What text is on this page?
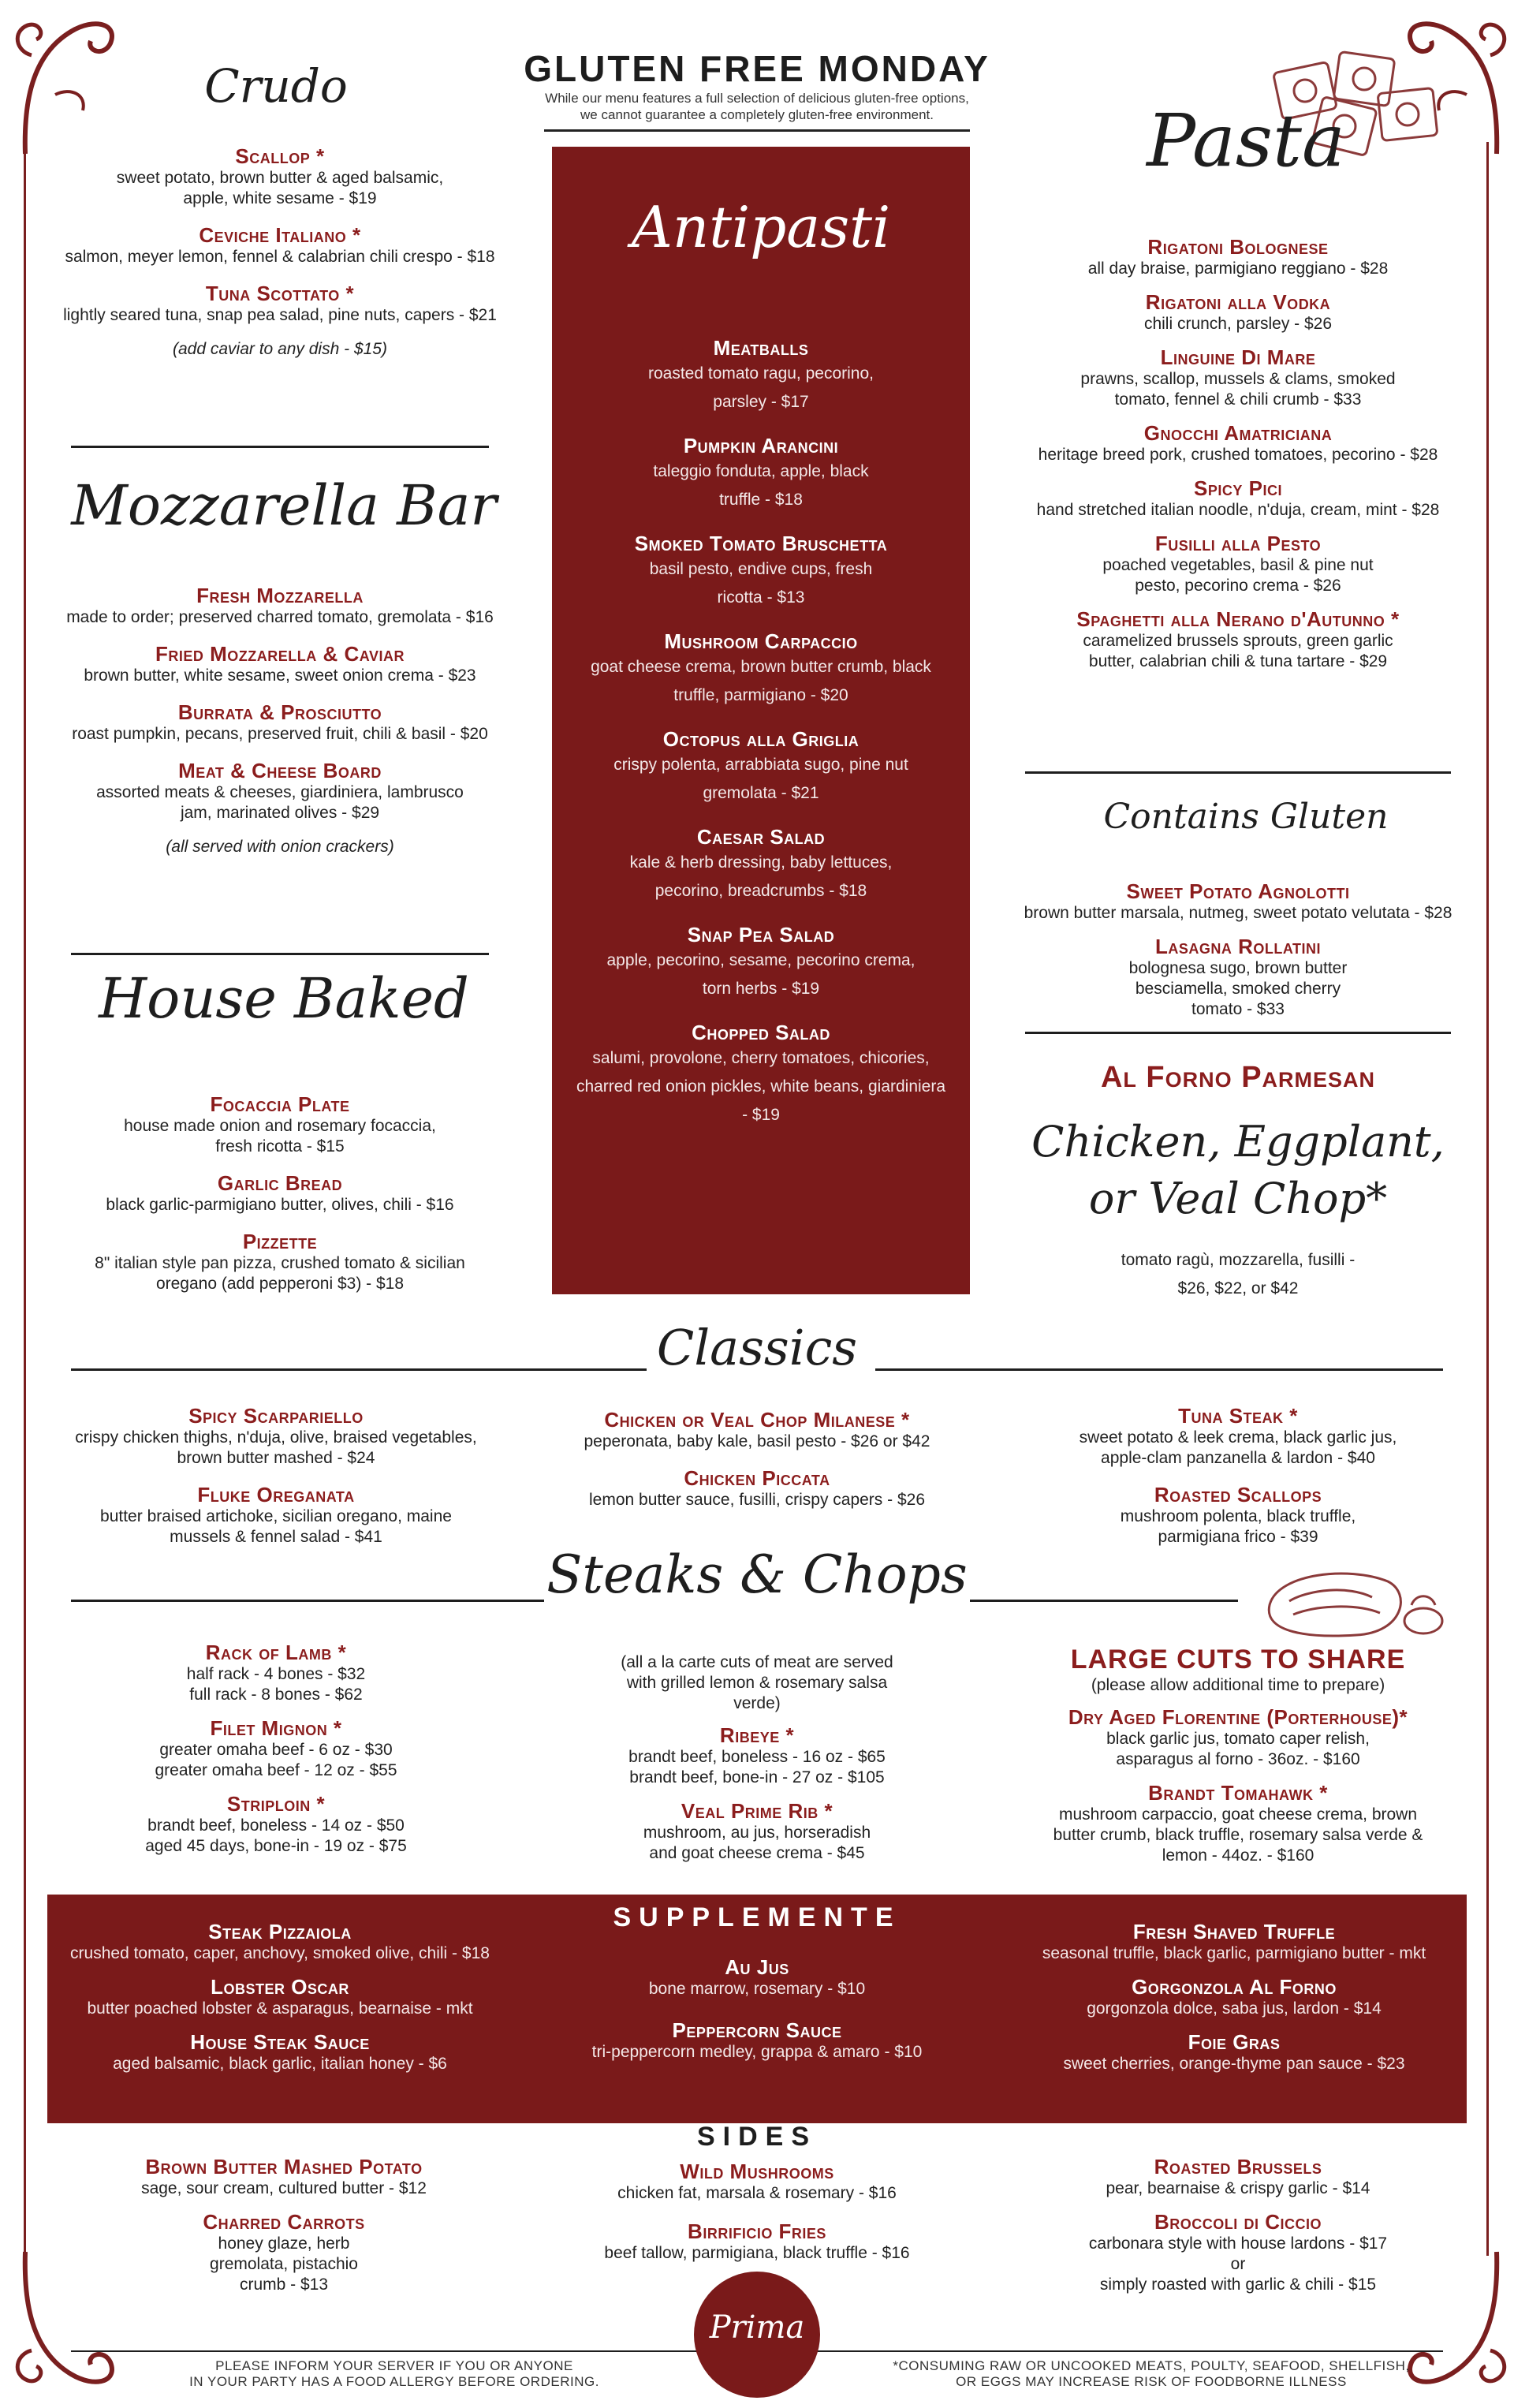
GLUTEN FREE MONDAY
While our menu features a full selection of delicious gluten-free options,
we cannot guarantee a completely gluten-free environment.
Crudo
Scallop *
sweet potato, brown butter & aged balsamic, apple, white sesame - $19
Ceviche Italiano *
salmon, meyer lemon, fennel & calabrian chili crespo - $18
Tuna Scottato *
lightly seared tuna, snap pea salad, pine nuts, capers - $21
(add caviar to any dish - $15)
Mozzarella Bar
Fresh Mozzarella
made to order; preserved charred tomato, gremolata - $16
Fried Mozzarella & Caviar
brown butter, white sesame, sweet onion crema - $23
Burrata & Prosciutto
roast pumpkin, pecans, preserved fruit, chili & basil - $20
Meat & Cheese Board
assorted meats & cheeses, giardiniera, lambrusco jam, marinated olives - $29
(all served with onion crackers)
House Baked
Focaccia Plate
house made onion and rosemary focaccia, fresh ricotta - $15
Garlic Bread
black garlic-parmigiano butter, olives, chili - $16
Pizzette
8" italian style pan pizza, crushed tomato & sicilian oregano (add pepperoni $3) - $18
Antipasti
Meatballs
roasted tomato ragu, pecorino, parsley - $17
Pumpkin Arancini
taleggio fonduta, apple, black truffle - $18
Smoked Tomato Bruschetta
basil pesto, endive cups, fresh ricotta - $13
Mushroom Carpaccio
goat cheese crema, brown butter crumb, black truffle, parmigiano - $20
Octopus alla Griglia
crispy polenta, arrabbiata sugo, pine nut gremolata - $21
Caesar Salad
kale & herb dressing, baby lettuces, pecorino, breadcrumbs - $18
Snap Pea Salad
apple, pecorino, sesame, pecorino crema, torn herbs - $19
Chopped Salad
salumi, provolone, cherry tomatoes, chicories, charred red onion pickles, white beans, giardiniera - $19
Pasta
Rigatoni Bolognese
all day braise, parmigiano reggiano - $28
Rigatoni alla Vodka
chili crunch, parsley - $26
Linguine Di Mare
prawns, scallop, mussels & clams, smoked tomato, fennel & chili crumb - $33
Gnocchi Amatriciana
heritage breed pork, crushed tomatoes, pecorino - $28
Spicy Pici
hand stretched italian noodle, n'duja, cream, mint - $28
Fusilli alla Pesto
poached vegetables, basil & pine nut pesto, pecorino crema - $26
Spaghetti alla Nerano d'Autunno *
caramelized brussels sprouts, green garlic butter, calabrian chili & tuna tartare - $29
Contains Gluten
Sweet Potato Agnolotti
brown butter marsala, nutmeg, sweet potato velutata - $28
Lasagna Rollatini
bolognesa sugo, brown butter besciamella, smoked cherry tomato - $33
Al Forno Parmesan
Chicken, Eggplant,
or Veal Chop*
tomato ragù, mozzarella, fusilli -
$26, $22, or $42
Classics
Spicy Scarpariello
crispy chicken thighs, n'duja, olive, braised vegetables, brown butter mashed - $24
Fluke Oreganata
butter braised artichoke, sicilian oregano, maine mussels & fennel salad - $41
Chicken or Veal Chop Milanese *
peperonata, baby kale, basil pesto - $26 or $42
Chicken Piccata
lemon butter sauce, fusilli, crispy capers - $26
Tuna Steak *
sweet potato & leek crema, black garlic jus, apple-clam panzanella & lardon - $40
Roasted Scallops
mushroom polenta, black truffle, parmigiana frico - $39
Steaks & Chops
Rack of Lamb *
half rack - 4 bones - $32
full rack - 8 bones - $62
Filet Mignon *
greater omaha beef - 6 oz - $30
greater omaha beef - 12 oz - $55
Striploin *
brandt beef, boneless - 14 oz - $50
aged 45 days, bone-in - 19 oz - $75
(all a la carte cuts of meat are served with grilled lemon & rosemary salsa verde)
Ribeye *
brandt beef, boneless - 16 oz - $65
brandt beef, bone-in - 27 oz - $105
Veal Prime Rib *
mushroom, au jus, horseradish
and goat cheese crema - $45
LARGE CUTS TO SHARE
(please allow additional time to prepare)
Dry Aged Florentine (Porterhouse)*
black garlic jus, tomato caper relish, asparagus al forno - 36oz. - $160
Brandt Tomahawk *
mushroom carpaccio, goat cheese crema, brown butter crumb, black truffle, rosemary salsa verde & lemon - 44oz. - $160
Steak Pizzaiola
crushed tomato, caper, anchovy, smoked olive, chili - $18
Lobster Oscar
butter poached lobster & asparagus, bearnaise - mkt
House Steak Sauce
aged balsamic, black garlic, italian honey - $6
SUPPLEMENTE
Au Jus
bone marrow, rosemary - $10
Peppercorn Sauce
tri-peppercorn medley, grappa & amaro - $10
Fresh Shaved Truffle
seasonal truffle, black garlic, parmigiano butter - mkt
Gorgonzola Al Forno
gorgonzola dolce, saba jus, lardon - $14
Foie Gras
sweet cherries, orange-thyme pan sauce - $23
SIDES
Brown Butter Mashed Potato
sage, sour cream, cultured butter - $12
Charred Carrots
honey glaze, herb gremolata, pistachio crumb - $13
Wild Mushrooms
chicken fat, marsala & rosemary - $16
Birrificio Fries
beef tallow, parmigiana, black truffle - $16
Roasted Brussels
pear, bearnaise & crispy garlic - $14
Broccoli di Ciccio
carbonara style with house lardons - $17
or
simply roasted with garlic & chili - $15
PLEASE INFORM YOUR SERVER IF YOU OR ANYONE
IN YOUR PARTY HAS A FOOD ALLERGY BEFORE ORDERING.
*CONSUMING RAW OR UNCOOKED MEATS, POULTY, SEAFOOD, SHELLFISH,
OR EGGS MAY INCREASE RISK OF FOODBORNE ILLNESS
Prima
